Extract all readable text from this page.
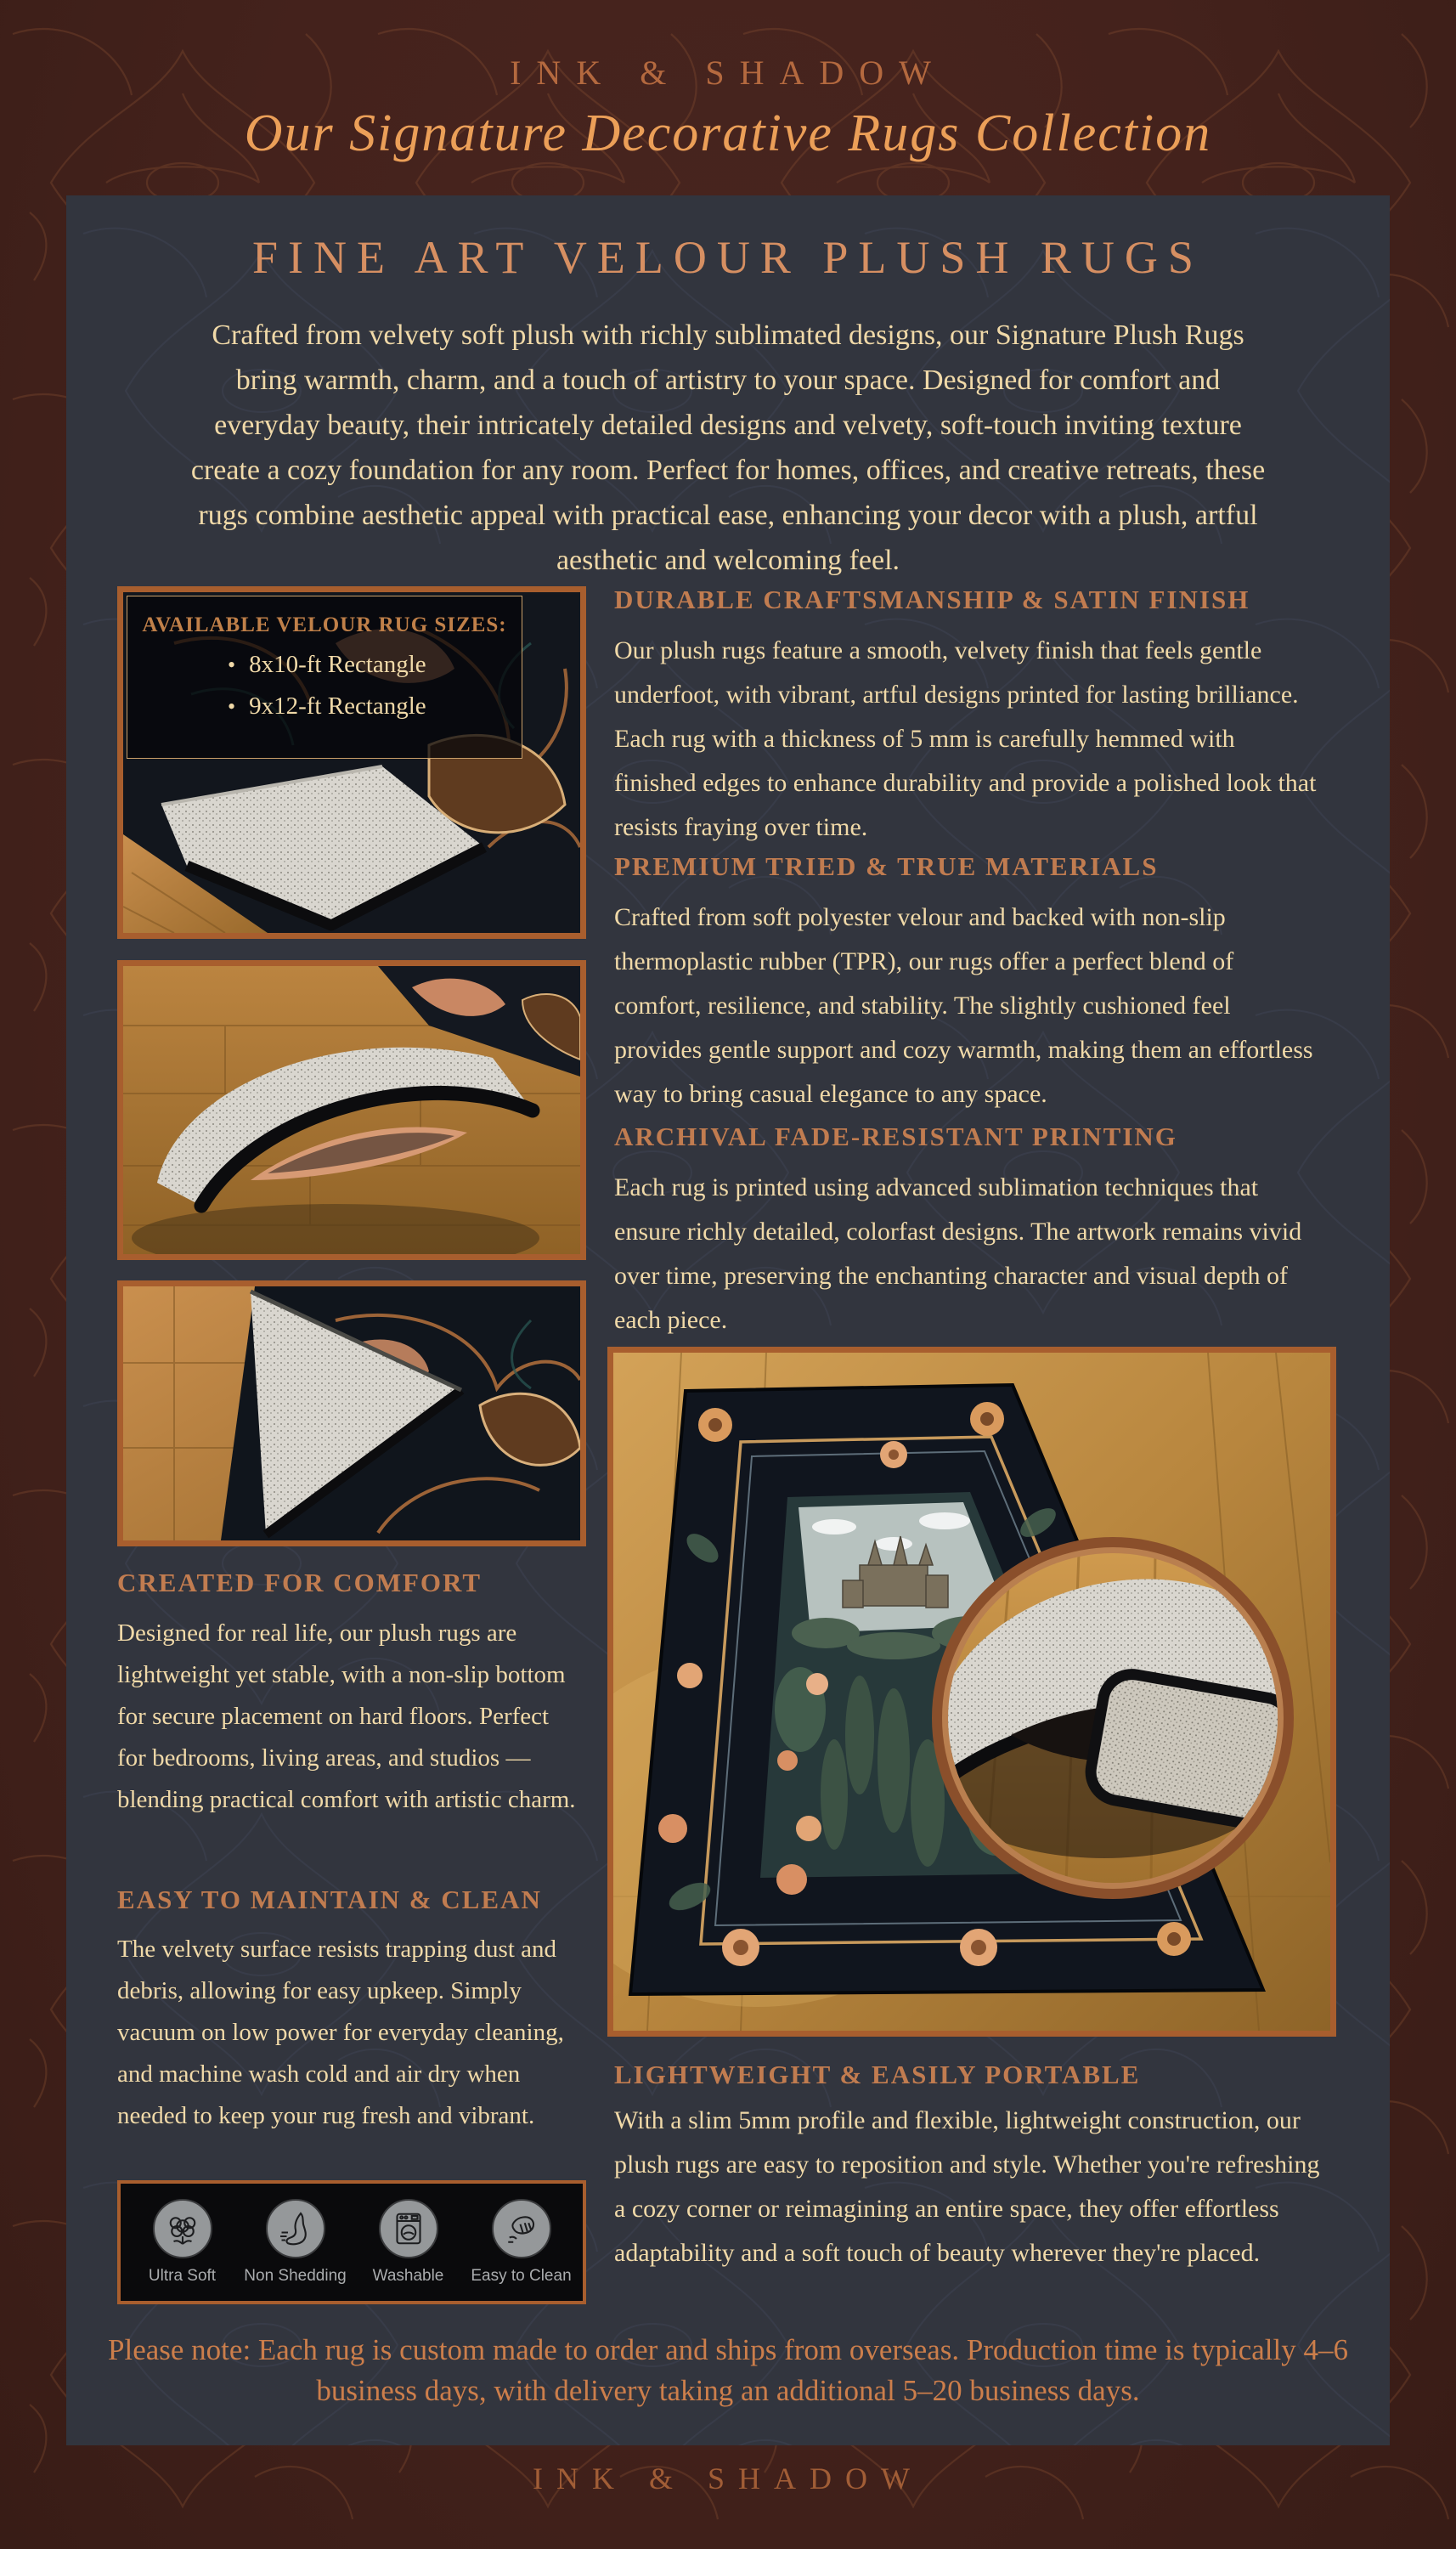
INK & SHADOW
Our Signature Decorative Rugs Collection
FINE ART VELOUR PLUSH RUGS
Crafted from velvety soft plush with richly sublimated designs, our Signature Plush Rugs bring warmth, charm, and a touch of artistry to your space. Designed for comfort and everyday beauty, their intricately detailed designs and velvety, soft-touch inviting texture create a cozy foundation for any room. Perfect for homes, offices, and creative retreats, these rugs combine aesthetic appeal with practical ease, enhancing your decor with a plush, artful aesthetic and welcoming feel.
AVAILABLE VELOUR RUG SIZES:
• 8x10-ft Rectangle
• 9x12-ft Rectangle
CREATED FOR COMFORT
Designed for real life, our plush rugs are lightweight yet stable, with a non-slip bottom for secure placement on hard floors. Perfect for bedrooms, living areas, and studios — blending practical comfort with artistic charm.
EASY TO MAINTAIN & CLEAN
The velvety surface resists trapping dust and debris, allowing for easy upkeep. Simply vacuum on low power for everyday cleaning, and machine wash cold and air dry when needed to keep your rug fresh and vibrant.
Ultra Soft Non Shedding Washable Easy to Clean
DURABLE CRAFTSMANSHIP & SATIN FINISH
Our plush rugs feature a smooth, velvety finish that feels gentle underfoot, with vibrant, artful designs printed for lasting brilliance. Each rug with a thickness of 5 mm is carefully hemmed with finished edges to enhance durability and provide a polished look that resists fraying over time.
PREMIUM TRIED & TRUE MATERIALS
Crafted from soft polyester velour and backed with non-slip thermoplastic rubber (TPR), our rugs offer a perfect blend of comfort, resilience, and stability. The slightly cushioned feel provides gentle support and cozy warmth, making them an effortless way to bring casual elegance to any space.
ARCHIVAL FADE-RESISTANT PRINTING
Each rug is printed using advanced sublimation techniques that ensure richly detailed, colorfast designs. The artwork remains vivid over time, preserving the enchanting character and visual depth of each piece.
LIGHTWEIGHT & EASILY PORTABLE
With a slim 5mm profile and flexible, lightweight construction, our plush rugs are easy to reposition and style. Whether you're refreshing a cozy corner or reimagining an entire space, they offer effortless adaptability and a soft touch of beauty wherever they're placed.
Please note: Each rug is custom made to order and ships from overseas. Production time is typically 4–6 business days, with delivery taking an additional 5–20 business days.
INK & SHADOW
